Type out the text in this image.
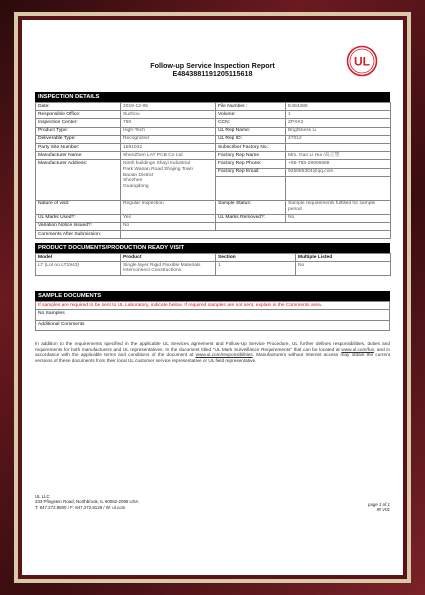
UL
Follow-up Service Inspection Report
E484388119120511561​8
INSPECTION DETAILS
Date:	2019-12-05	File Number.:	E484388
Responsible Office:	Suzhou	Volume:	1
Inspection Center:	750	CCN:	ZPXK2
Product Type:	High-Tech	UL Rep Name:	Brightness Li
Deliverable Type:	Recognized	UL Rep ID:	47012
Party Site Number:	1591032	Subscriber Factory No.:	
Manufacturer Name:	ShenZhen LAT PCB Co Ltd	Factory Rep Name	Mrs. Gao Li Hui /高立慧
Manufacturer Address:	Ninth buildings Shayi Industrial
Park Wanan Road Shajing Town
Baoan District
Shezhen
Guangdong	Factory Rep Phone:	+86-755-29906588
		Factory Rep Email:	925085304@qq.com

Nature of visit:	Regular Inspection	Sample Status:	Sample requirements fulfilled for sample period
UL Marks Used?:	Yes	UL Marks Removed?:	No
Variation Notice Issued?:	No		
Comments After Submission:			
PRODUCT DOCUMENTS/PRODUCTION READY VISIT
Model	Product	Section	Multiple Listed
LT (Lot no LT1943)	Single layer Rigid Flexible Materials Interconnect Constructions	1	No
SAMPLE DOCUMENTS
If samples are required to be sent to UL Laboratory, indicate below. If required samples are not sent, explain in the Comments area.
No Samples
Additional Comments
In addition to the requirements specified in the applicable UL Services agreement and Follow-Up Service Procedure, UL further defines responsibilities, duties and requirements for both manufacturers and UL representatives. In the document titled "UL Mark Surveillance Requirements" that can be located at www.ul.com/fus, and in accordance with the applicable terms and conditions of the document at www.ul.com/responsibilities. Manufacturers without Internet access may obtain the current versions of these documents from their local UL customer service representative or UL field representative.
UL LLC
333 Pfingsten Road, Northbrook, IL 60062-2096 USA
T: 847.272.8800 / F: 847.272.8129 / W: ul.com
page 1 of 1
IR V01
